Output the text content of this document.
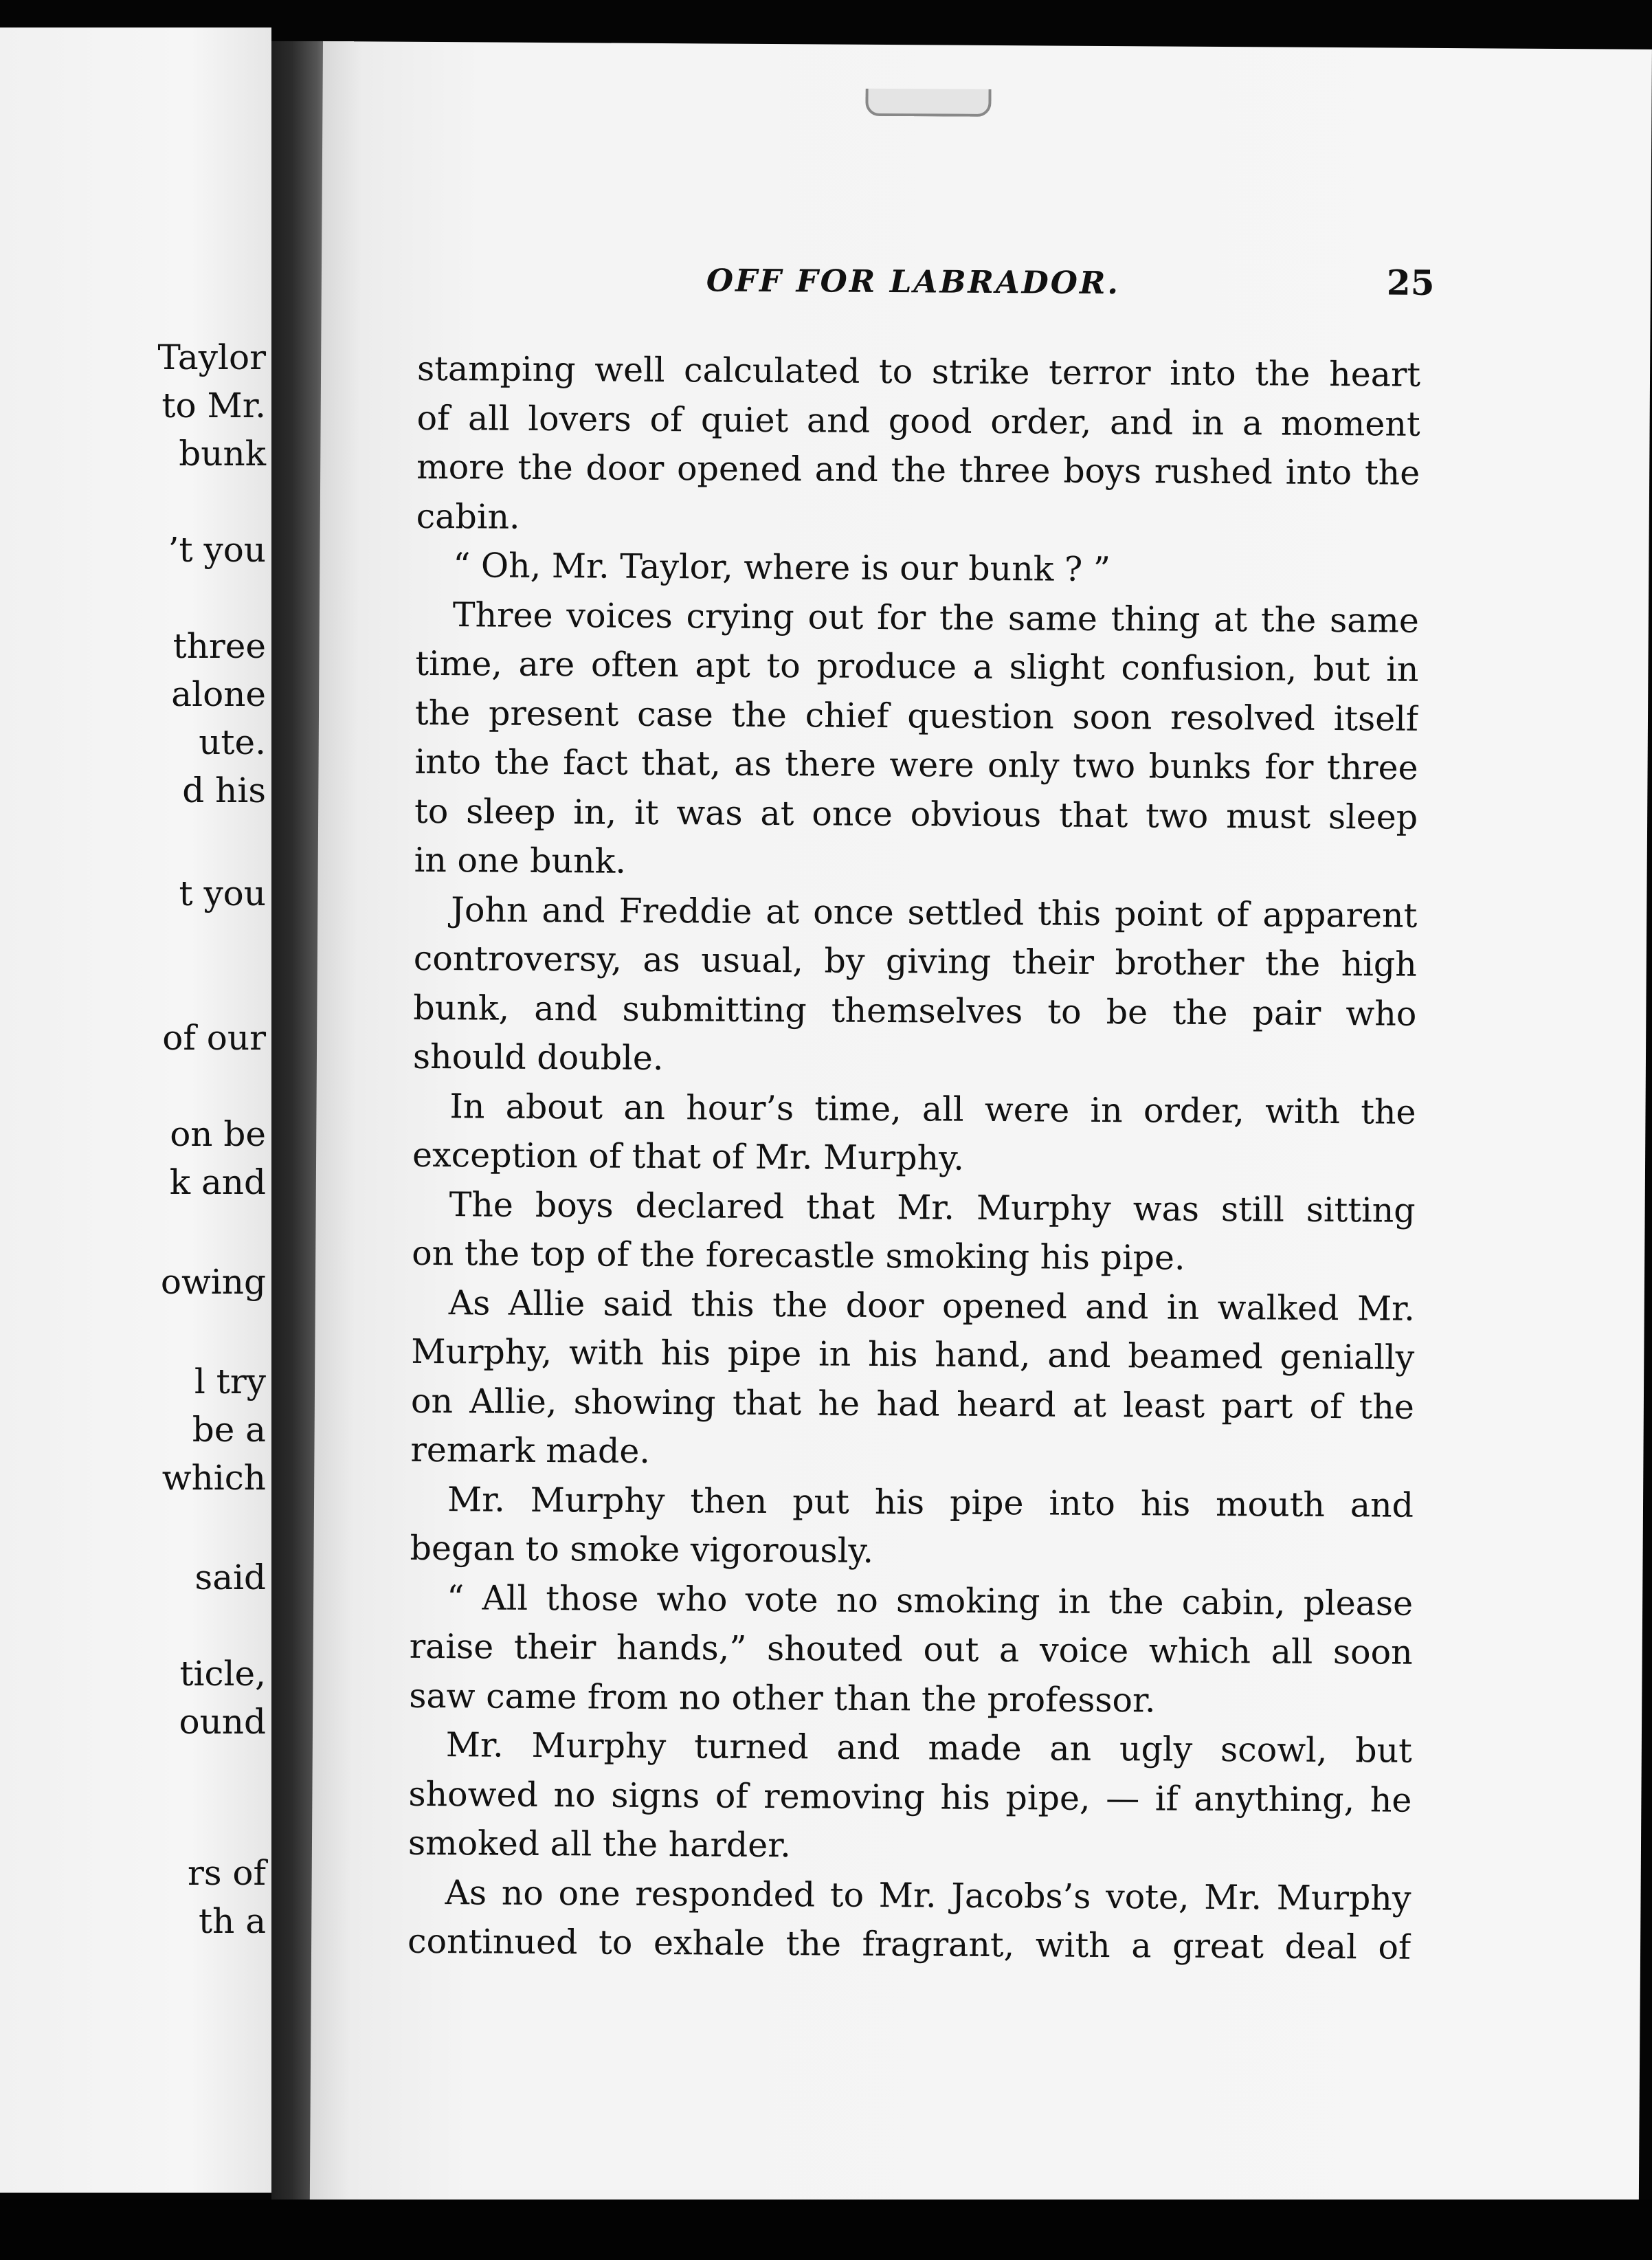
Taylor
to Mr.
bunk
’t you
three
alone
ute.
d his
t you
of our
on be
k and
owing
l try
be a
which
said
ticle,
ound
rs of
th a
OFF FOR LABRADOR.	25
stamping well calculated to strike terror into the heart
of all lovers of quiet and good order, and in a moment
more the door opened and the three boys rushed into the
cabin.
“ Oh, Mr. Taylor, where is our bunk ? ”
Three voices crying out for the same thing at the same
time, are often apt to produce a slight confusion, but in
the present case the chief question soon resolved itself
into the fact that, as there were only two bunks for three
to sleep in, it was at once obvious that two must sleep
in one bunk.
John and Freddie at once settled this point of apparent
controversy, as usual, by giving their brother the high
bunk, and submitting themselves to be the pair who
should double.
In about an hour’s time, all were in order, with the
exception of that of Mr. Murphy.
The boys declared that Mr. Murphy was still sitting
on the top of the forecastle smoking his pipe.
As Allie said this the door opened and in walked Mr.
Murphy, with his pipe in his hand, and beamed genially
on Allie, showing that he had heard at least part of the
remark made.
Mr. Murphy then put his pipe into his mouth and
began to smoke vigorously.
“ All those who vote no smoking in the cabin, please
raise their hands,” shouted out a voice which all soon
saw came from no other than the professor.
Mr. Murphy turned and made an ugly scowl, but
showed no signs of removing his pipe, — if anything, he
smoked all the harder.
As no one responded to Mr. Jacobs’s vote, Mr. Murphy
continued to exhale the fragrant, with a great deal of
